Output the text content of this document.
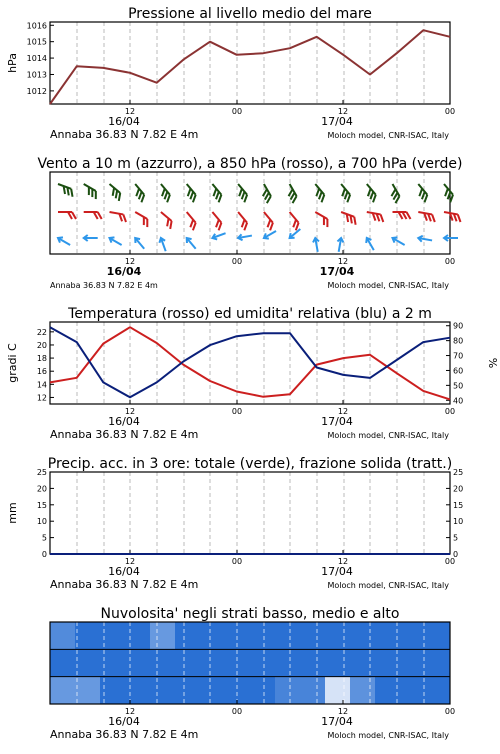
Pressione al livello medio del mare
12	00	12	00
16/04	17/04
Annaba 36.83 N 7.82 E 4m	Moloch model, CNR-ISAC, Italy
1012
1013
1014
1015
1016
hPa
Vento a 10 m (azzurro), a 850 hPa (rosso), a 700 hPa (verde)
12	00	12	00
16/04	17/04
Annaba 36.83 N 7.82 E 4m	Moloch model, CNR-ISAC, Italy
Temperatura (rosso) ed umidita' relativa (blu) a 2 m
12	00	12	00
16/04	17/04
Annaba 36.83 N 7.82 E 4m	Moloch model, CNR-ISAC, Italy
12
14
16
18
20
22
gradi C
40
50
60
70
80
90
%
Precip. acc. in 3 ore: totale (verde), frazione solida (tratt.)
12	00	12	00
16/04	17/04
Annaba 36.83 N 7.82 E 4m	Moloch model, CNR-ISAC, Italy
0
5
10
15
20
25
mm
0
5
10
15
20
25
Nuvolosita' negli strati basso, medio e alto
12	00	12	00
16/04	17/04
Annaba 36.83 N 7.82 E 4m	Moloch model, CNR-ISAC, Italy
